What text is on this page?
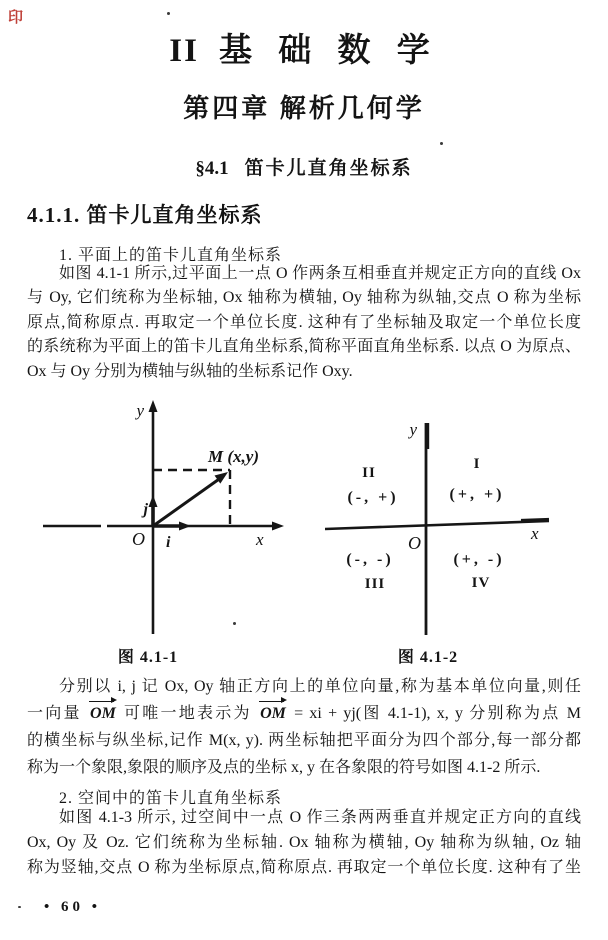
印
II 基 础 数 学
第四章 解析几何学
§4.1 笛卡儿直角坐标系
4.1.1. 笛卡儿直角坐标系
1. 平面上的笛卡儿直角坐标系
如图 4.1-1 所示,过平面上一点 O 作两条互相垂直并规定正方向的直线 Ox
与 Oy, 它们统称为坐标轴, Ox 轴称为横轴, Oy 轴称为纵轴,交点 O 称为坐标
原点,简称原点. 再取定一个单位长度. 这种有了坐标轴及取定一个单位长度
的系统称为平面上的笛卡儿直角坐标系,简称平面直角坐标系. 以点 O 为原点、
Ox 与 Oy 分别为横轴与纵轴的坐标系记作 Oxy.
y
x
O
j
i
M (x,y)
y
x
O
II
I
III	IV
(-, +)	(+, +)
(-, -)	(+, -)
图 4.1-1	图 4.1-2
分别以 i, j 记 Ox, Oy 轴正方向上的单位向量,称为基本单位向量,则任
一向量 OM 可唯一地表示为 OM = xi + yj(图 4.1-1), x, y 分别称为点 M
的横坐标与纵坐标,记作 M(x, y). 两坐标轴把平面分为四个部分,每一部分都
称为一个象限,象限的顺序及点的坐标 x, y 在各象限的符号如图 4.1-2 所示.
2. 空间中的笛卡儿直角坐标系
如图 4.1-3 所示, 过空间中一点 O 作三条两两垂直并规定正方向的直线
Ox, Oy 及 Oz. 它们统称为坐标轴. Ox 轴称为横轴, Oy 轴称为纵轴, Oz 轴
称为竖轴,交点 O 称为坐标原点,简称原点. 再取定一个单位长度. 这种有了坐
• 60 •
